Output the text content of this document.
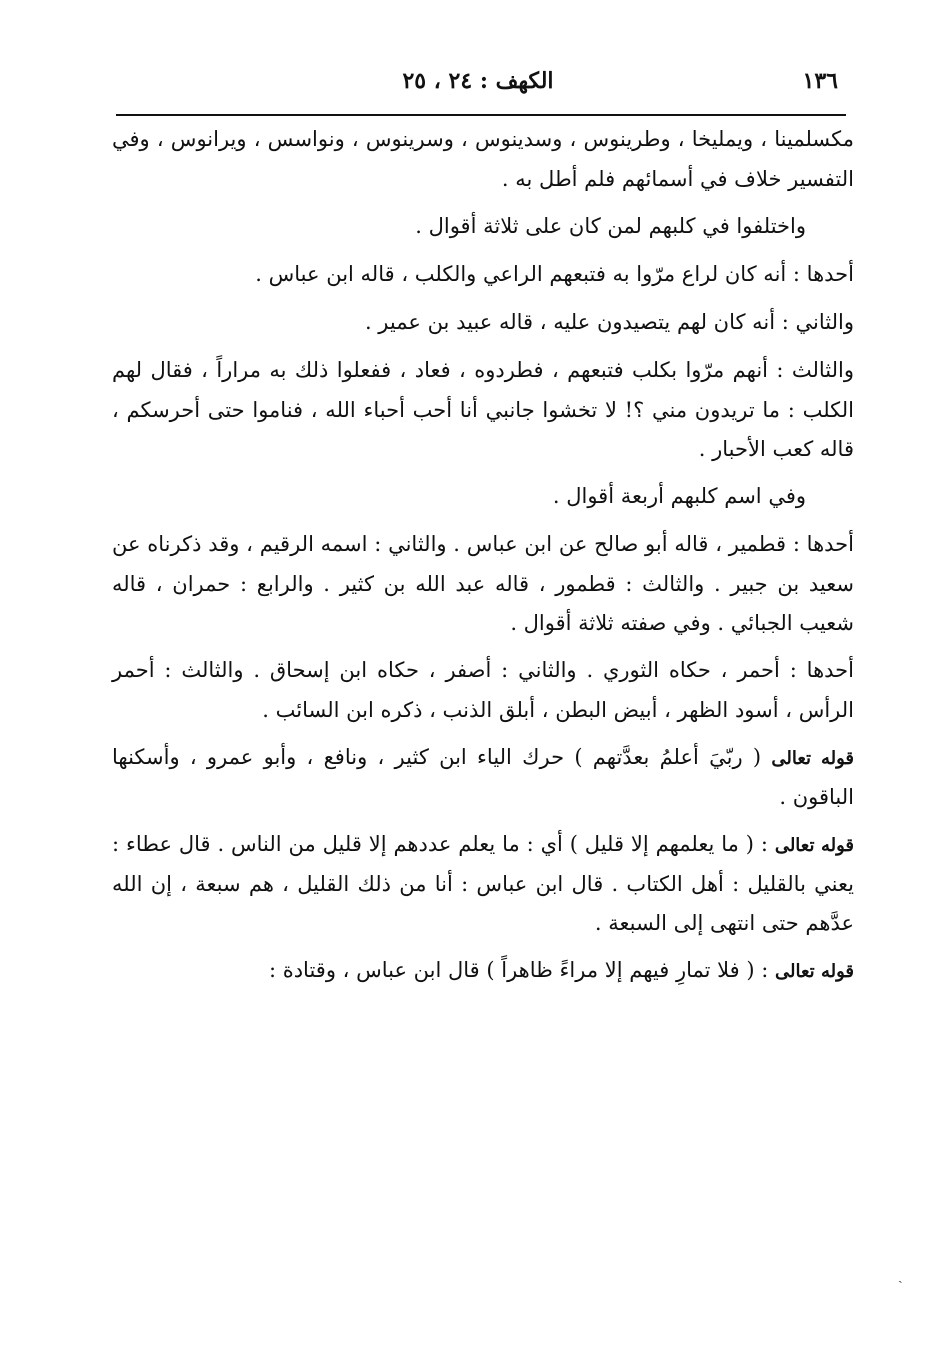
١٣٦
الكهف : ٢٤ ، ٢٥

مكسلمينا ، ويمليخا ، وطرينوس ، وسدينوس ، وسرينوس ، ونواسس ، ويرانوس ، وفي التفسير خلاف في أسمائهم فلم أطل به .

واختلفوا في كلبهم لمن كان على ثلاثة أقوال .

أحدها : أنه كان لراع مرّوا به فتبعهم الراعي والكلب ، قاله ابن عباس .

والثاني : أنه كان لهم يتصيدون عليه ، قاله عبيد بن عمير .

والثالث : أنهم مرّوا بكلب فتبعهم ، فطردوه ، فعاد ، ففعلوا ذلك به مراراً ، فقال لهم الكلب : ما تريدون مني ؟! لا تخشوا جانبي أنا أحب أحباء الله ، فناموا حتى أحرسكم ، قاله كعب الأحبار .

وفي اسم كلبهم أربعة أقوال .

أحدها : قطمير ، قاله أبو صالح عن ابن عباس . والثاني : اسمه الرقيم ، وقد ذكرناه عن سعيد بن جبير . والثالث : قطمور ، قاله عبد الله بن كثير . والرابع : حمران ، قاله شعيب الجبائي . وفي صفته ثلاثة أقوال .

أحدها : أحمر ، حكاه الثوري . والثاني : أصفر ، حكاه ابن إسحاق . والثالث : أحمر الرأس ، أسود الظهر ، أبيض البطن ، أبلق الذنب ، ذكره ابن السائب .

قوله تعالى ( ربّيَ أعلمُ بعدَّتهم ) حرك الياء ابن كثير ، ونافع ، وأبو عمرو ، وأسكنها الباقون .

قوله تعالى : ( ما يعلمهم إلا قليل ) أي : ما يعلم عددهم إلا قليل من الناس . قال عطاء : يعني بالقليل : أهل الكتاب . قال ابن عباس : أنا من ذلك القليل ، هم سبعة ، إن الله عدَّهم حتى انتهى إلى السبعة .

قوله تعالى : ( فلا تمارِ فيهم إلا مراءً ظاهراً ) قال ابن عباس ، وقتادة :

ˎ
